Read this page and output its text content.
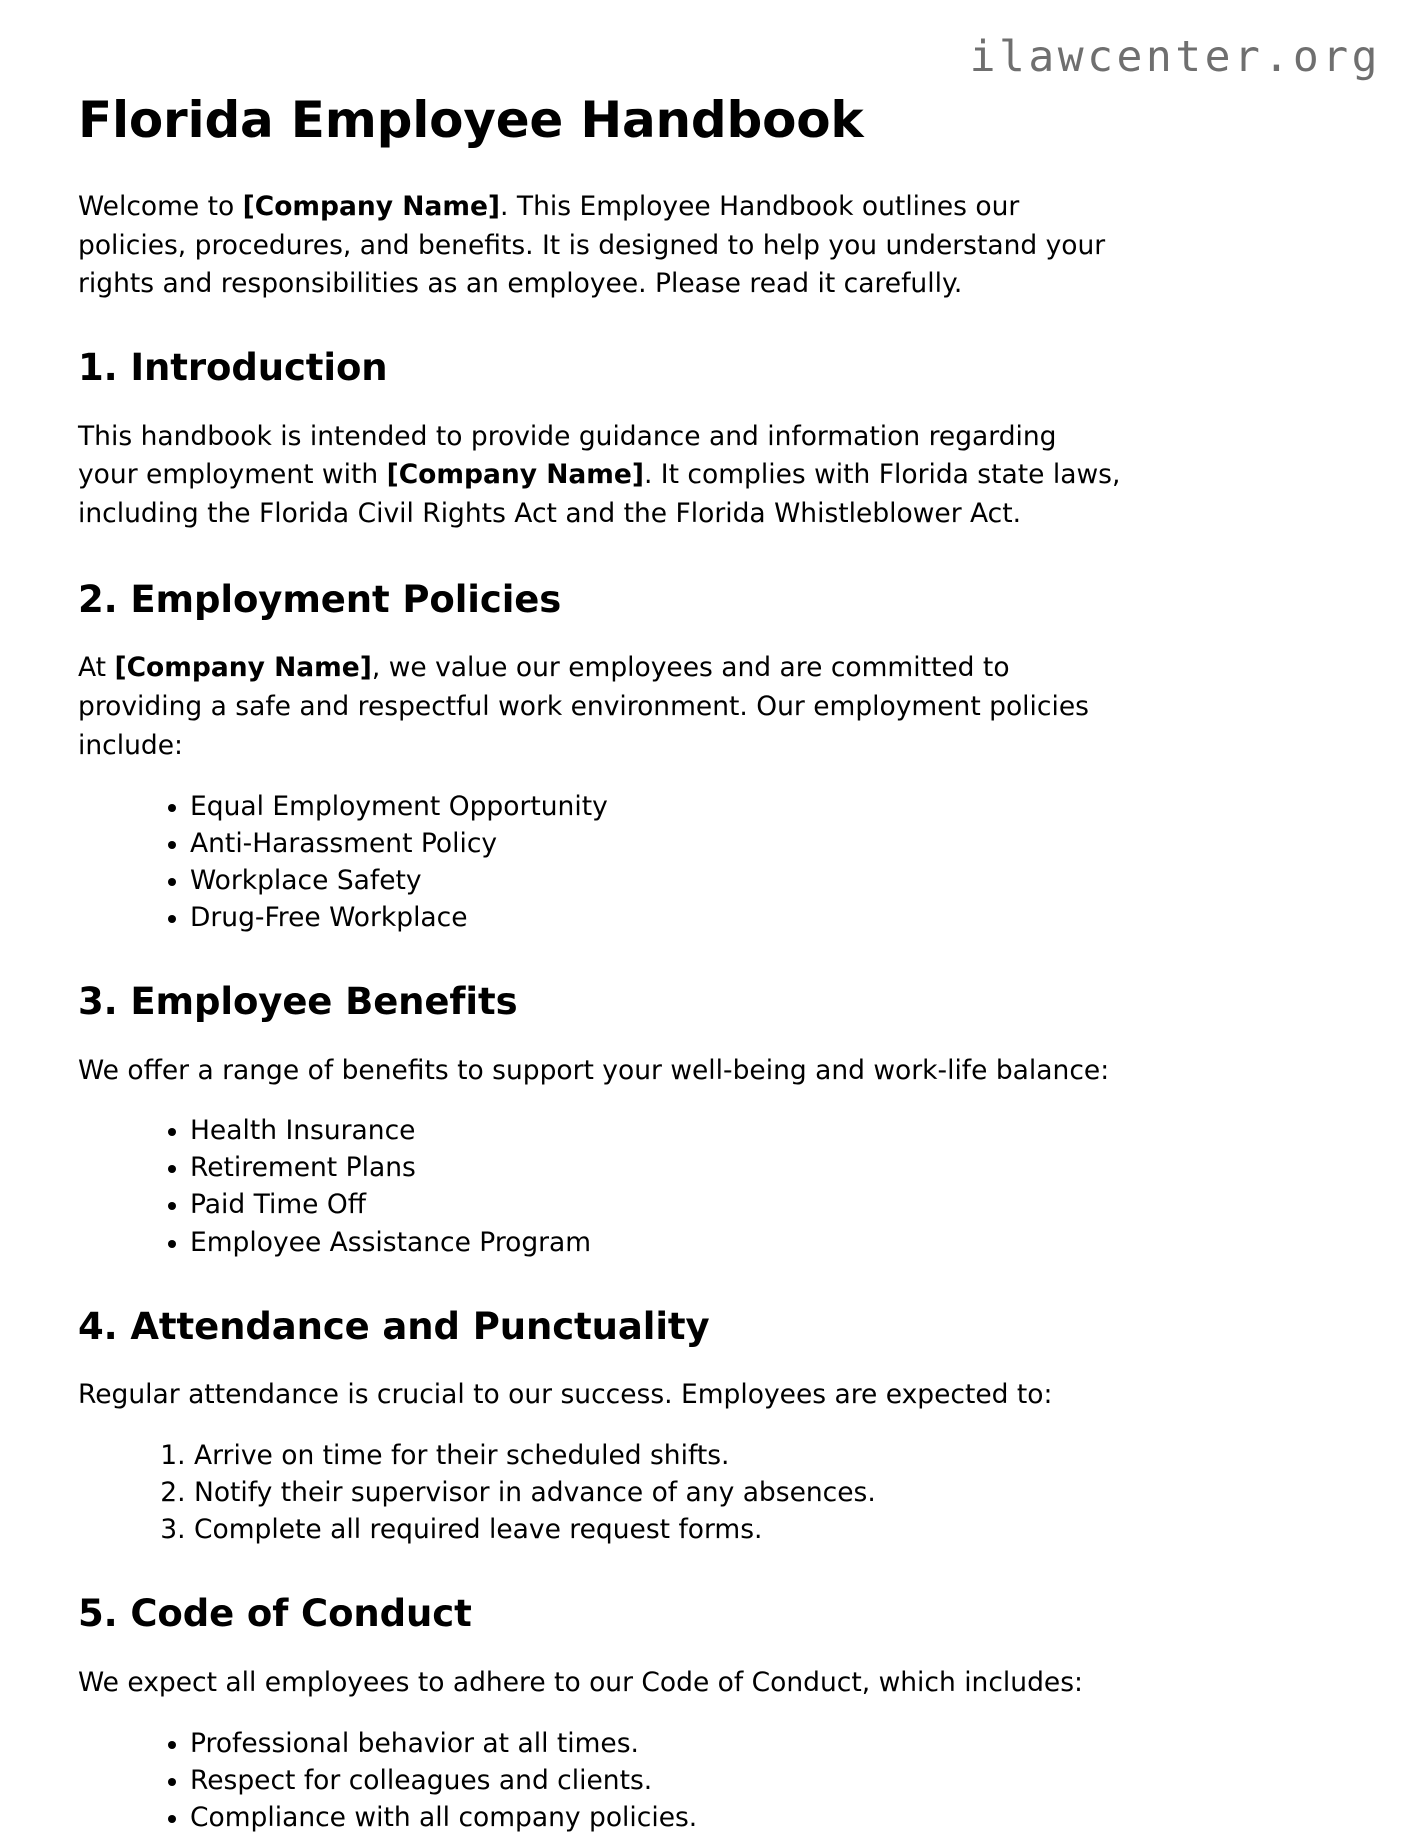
ilawcenter.org
Florida Employee Handbook

Welcome to [Company Name]. This Employee Handbook outlines our policies, procedures, and benefits. It is designed to help you understand your rights and responsibilities as an employee. Please read it carefully.

1. Introduction

This handbook is intended to provide guidance and information regarding your employment with [Company Name]. It complies with Florida state laws, including the Florida Civil Rights Act and the Florida Whistleblower Act.

2. Employment Policies

At [Company Name], we value our employees and are committed to providing a safe and respectful work environment. Our employment policies include:

• Equal Employment Opportunity
• Anti-Harassment Policy
• Workplace Safety
• Drug-Free Workplace
3. Employee Benefits

We offer a range of benefits to support your well-being and work-life balance:

• Health Insurance
• Retirement Plans
• Paid Time Off
• Employee Assistance Program
4. Attendance and Punctuality

Regular attendance is crucial to our success. Employees are expected to:

1. Arrive on time for their scheduled shifts.
2. Notify their supervisor in advance of any absences.
3. Complete all required leave request forms.
5. Code of Conduct

We expect all employees to adhere to our Code of Conduct, which includes:

• Professional behavior at all times.
• Respect for colleagues and clients.
• Compliance with all company policies.
